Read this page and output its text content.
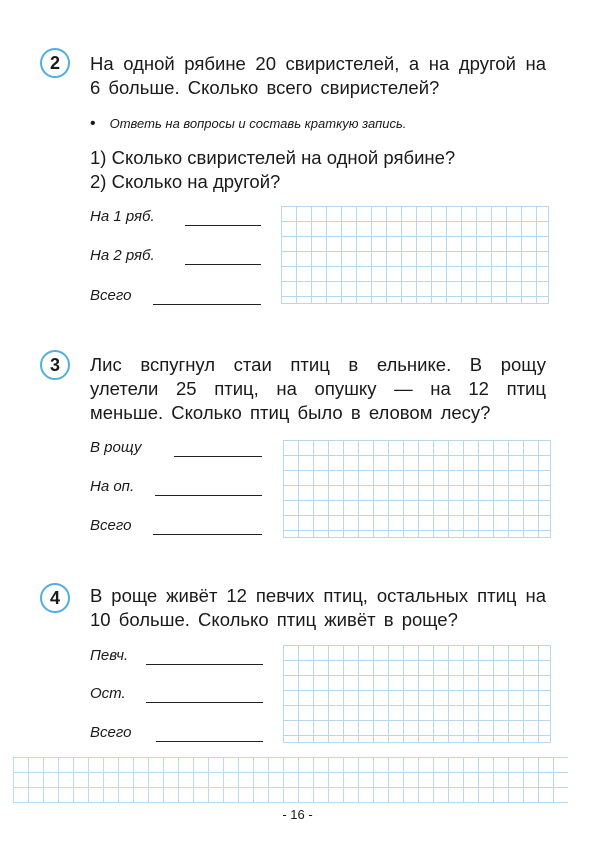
2	На одной рябине 20 свиристелей, а на другой на 6 больше. Сколько всего свиристелей?
• Ответь на вопросы и составь краткую запись.
1) Сколько свиристелей на одной рябине?
2) Сколько на другой?
На 1 ряб.
На 2 ряб.
Всего
3	Лис вспугнул стаи птиц в ельнике. В рощу улетели 25 птиц, на опушку — на 12 птиц меньше. Сколько птиц было в еловом лесу?
В рощу
На оп.
Всего
4	В роще живёт 12 певчих птиц, остальных птиц на 10 больше. Сколько птиц живёт в роще?
Певч.
Ост.
Всего
- 16 -
